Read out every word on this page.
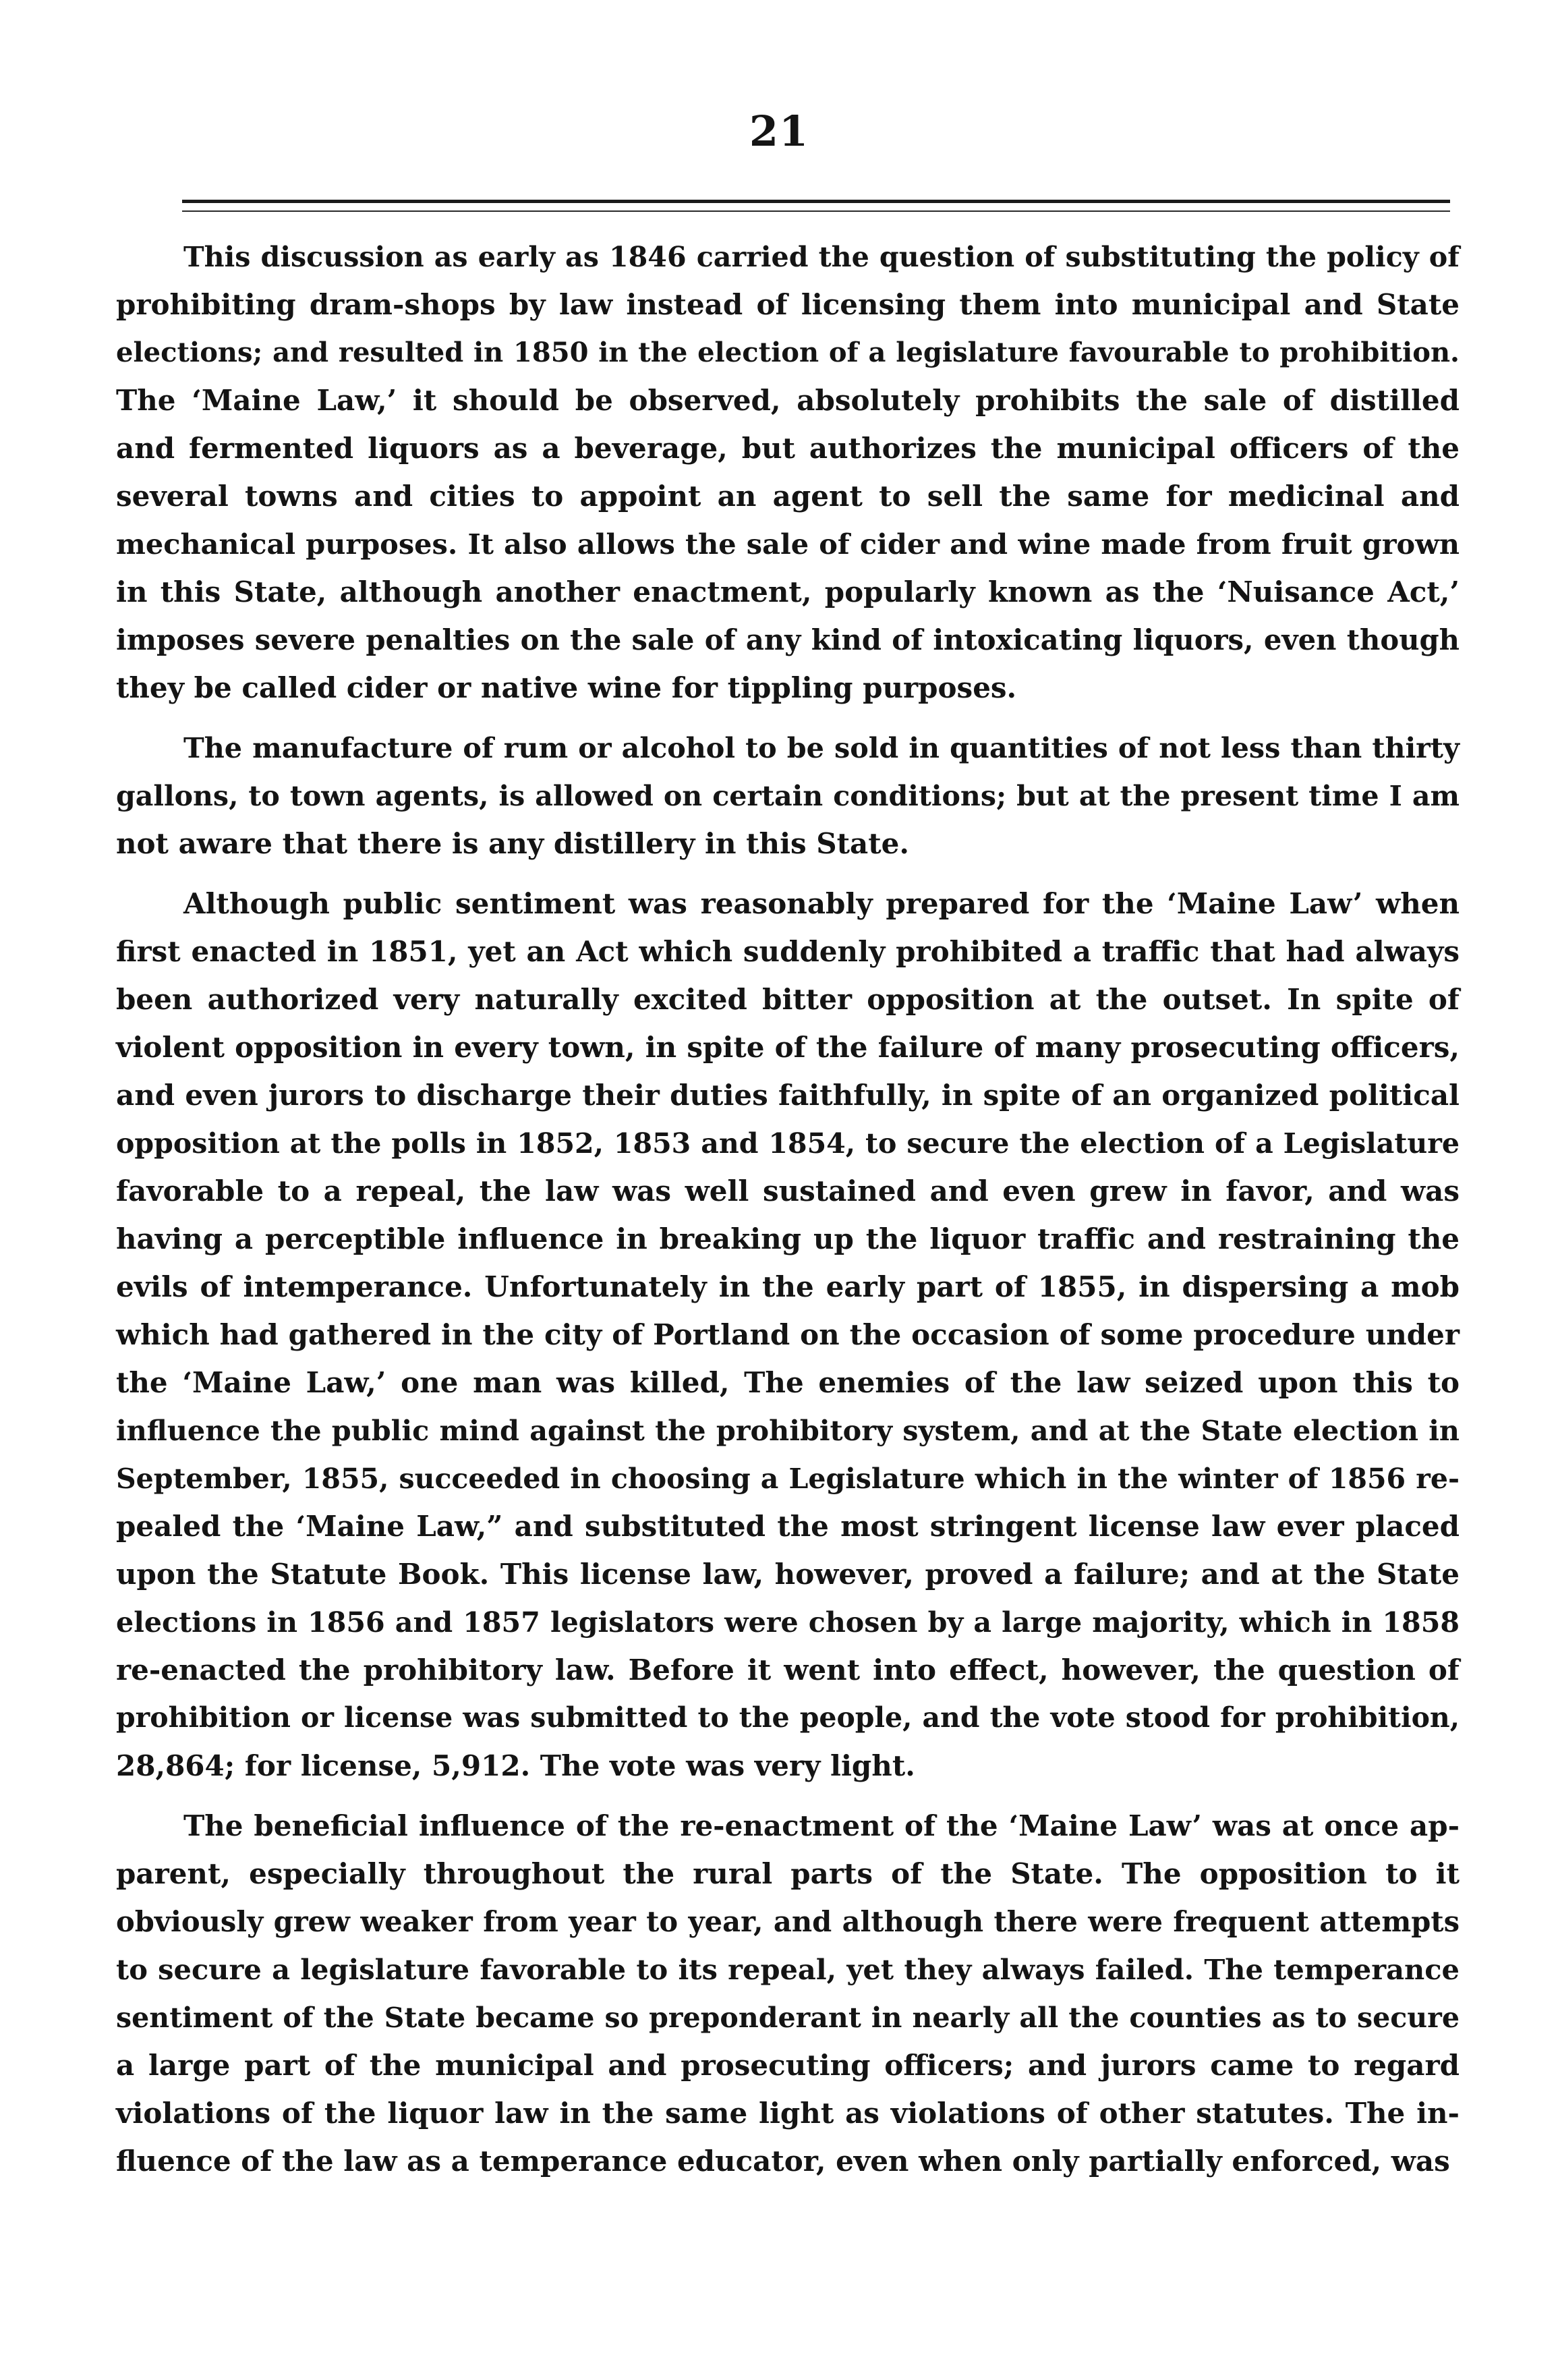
21
This discussion as early as 1846 carried the question of substituting the policy of
prohibiting dram-shops by law instead of licensing them into municipal and State
elections; and resulted in 1850 in the election of a legislature favourable to prohibition.
The ‘Maine Law,’ it should be observed, absolutely prohibits the sale of distilled
and fermented liquors as a beverage, but authorizes the municipal officers of the
several towns and cities to appoint an agent to sell the same for medicinal and
mechanical purposes. It also allows the sale of cider and wine made from fruit grown
in this State, although another enactment, popularly known as the ‘Nuisance Act,’
imposes severe penalties on the sale of any kind of intoxicating liquors, even though
they be called cider or native wine for tippling purposes.
The manufacture of rum or alcohol to be sold in quantities of not less than thirty
gallons, to town agents, is allowed on certain conditions; but at the present time I am
not aware that there is any distillery in this State.
Although public sentiment was reasonably prepared for the ‘Maine Law’ when
first enacted in 1851, yet an Act which suddenly prohibited a traffic that had always
been authorized very naturally excited bitter opposition at the outset. In spite of
violent opposition in every town, in spite of the failure of many prosecuting officers,
and even jurors to discharge their duties faithfully, in spite of an organized political
opposition at the polls in 1852, 1853 and 1854, to secure the election of a Legislature
favorable to a repeal, the law was well sustained and even grew in favor, and was
having a perceptible influence in breaking up the liquor traffic and restraining the
evils of intemperance. Unfortunately in the early part of 1855, in dispersing a mob
which had gathered in the city of Portland on the occasion of some procedure under
the ‘Maine Law,’ one man was killed, The enemies of the law seized upon this to
influence the public mind against the prohibitory system, and at the State election in
September, 1855, succeeded in choosing a Legislature which in the winter of 1856 re-
pealed the ‘Maine Law,” and substituted the most stringent license law ever placed
upon the Statute Book. This license law, however, proved a failure; and at the State
elections in 1856 and 1857 legislators were chosen by a large majority, which in 1858
re-enacted the prohibitory law. Before it went into effect, however, the question of
prohibition or license was submitted to the people, and the vote stood for prohibition,
28,864; for license, 5,912. The vote was very light.
The beneficial influence of the re-enactment of the ‘Maine Law’ was at once ap-
parent, especially throughout the rural parts of the State. The opposition to it
obviously grew weaker from year to year, and although there were frequent attempts
to secure a legislature favorable to its repeal, yet they always failed. The temperance
sentiment of the State became so preponderant in nearly all the counties as to secure
a large part of the municipal and prosecuting officers; and jurors came to regard
violations of the liquor law in the same light as violations of other statutes. The in-
fluence of the law as a temperance educator, even when only partially enforced, was
